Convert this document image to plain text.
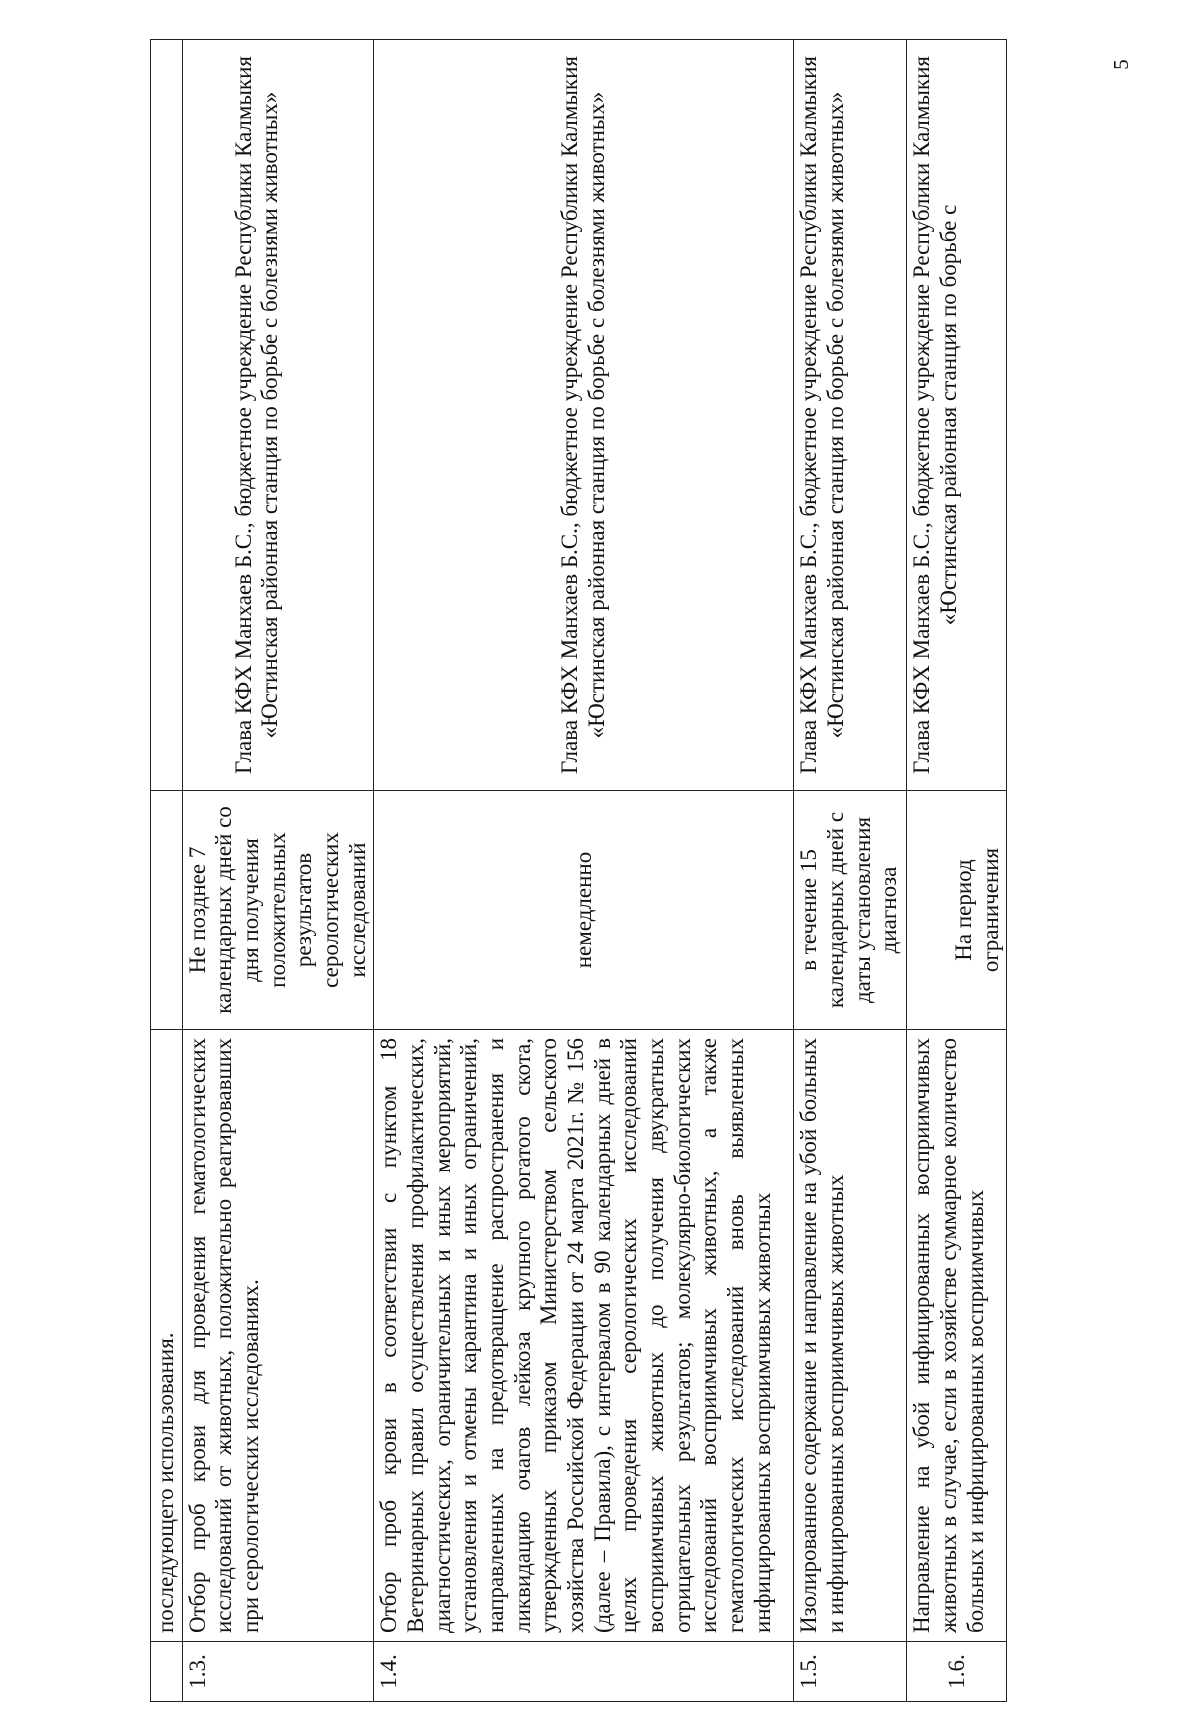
	последующего использования.		
1.3.	Отбор проб крови для проведения гематологических исследований от животных, положительно реагировавших при серологических исследованиях.	Не позднее 7 календарных дней со дня получения положительных результатов серологических исследований	Глава КФХ Манхаев Б.С., бюджетное учреждение Республики Калмыкия «Юстинская районная станция по борьбе с болезнями животных»
1.4.	Отбор проб крови в соответствии с пунктом 18 Ветеринарных правил осуществления профилактических, диагностических, ограничительных и иных мероприятий, установления и отмены карантина и иных ограничений, направленных на предотвращение распространения и ликвидацию очагов лейкоза крупного рогатого скота, утвержденных приказом Министерством сельского хозяйства Российской Федерации от 24 марта 2021г. № 156 (далее – Правила), с интервалом в 90 календарных дней в целях проведения серологических исследований восприимчивых животных до получения двукратных отрицательных результатов; молекулярно-биологических исследований восприимчивых животных, а также гематологических исследований вновь выявленных инфицированных восприимчивых животных	немедленно	Глава КФХ Манхаев Б.С., бюджетное учреждение Республики Калмыкия «Юстинская районная станция по борьбе с болезнями животных»
1.5.	Изолированное содержание и направление на убой больных и инфицированных восприимчивых животных	в течение 15 календарных дней с даты установления диагноза	Глава КФХ Манхаев Б.С., бюджетное учреждение Республики Калмыкия «Юстинская районная станция по борьбе с болезнями животных»
1.6.	Направление на убой инфицированных восприимчивых животных в случае, если в хозяйстве суммарное количество больных и инфицированных восприимчивых	На период ограничения	Глава КФХ Манхаев Б.С., бюджетное учреждение Республики Калмыкия «Юстинская районная станция по борьбе с
5
